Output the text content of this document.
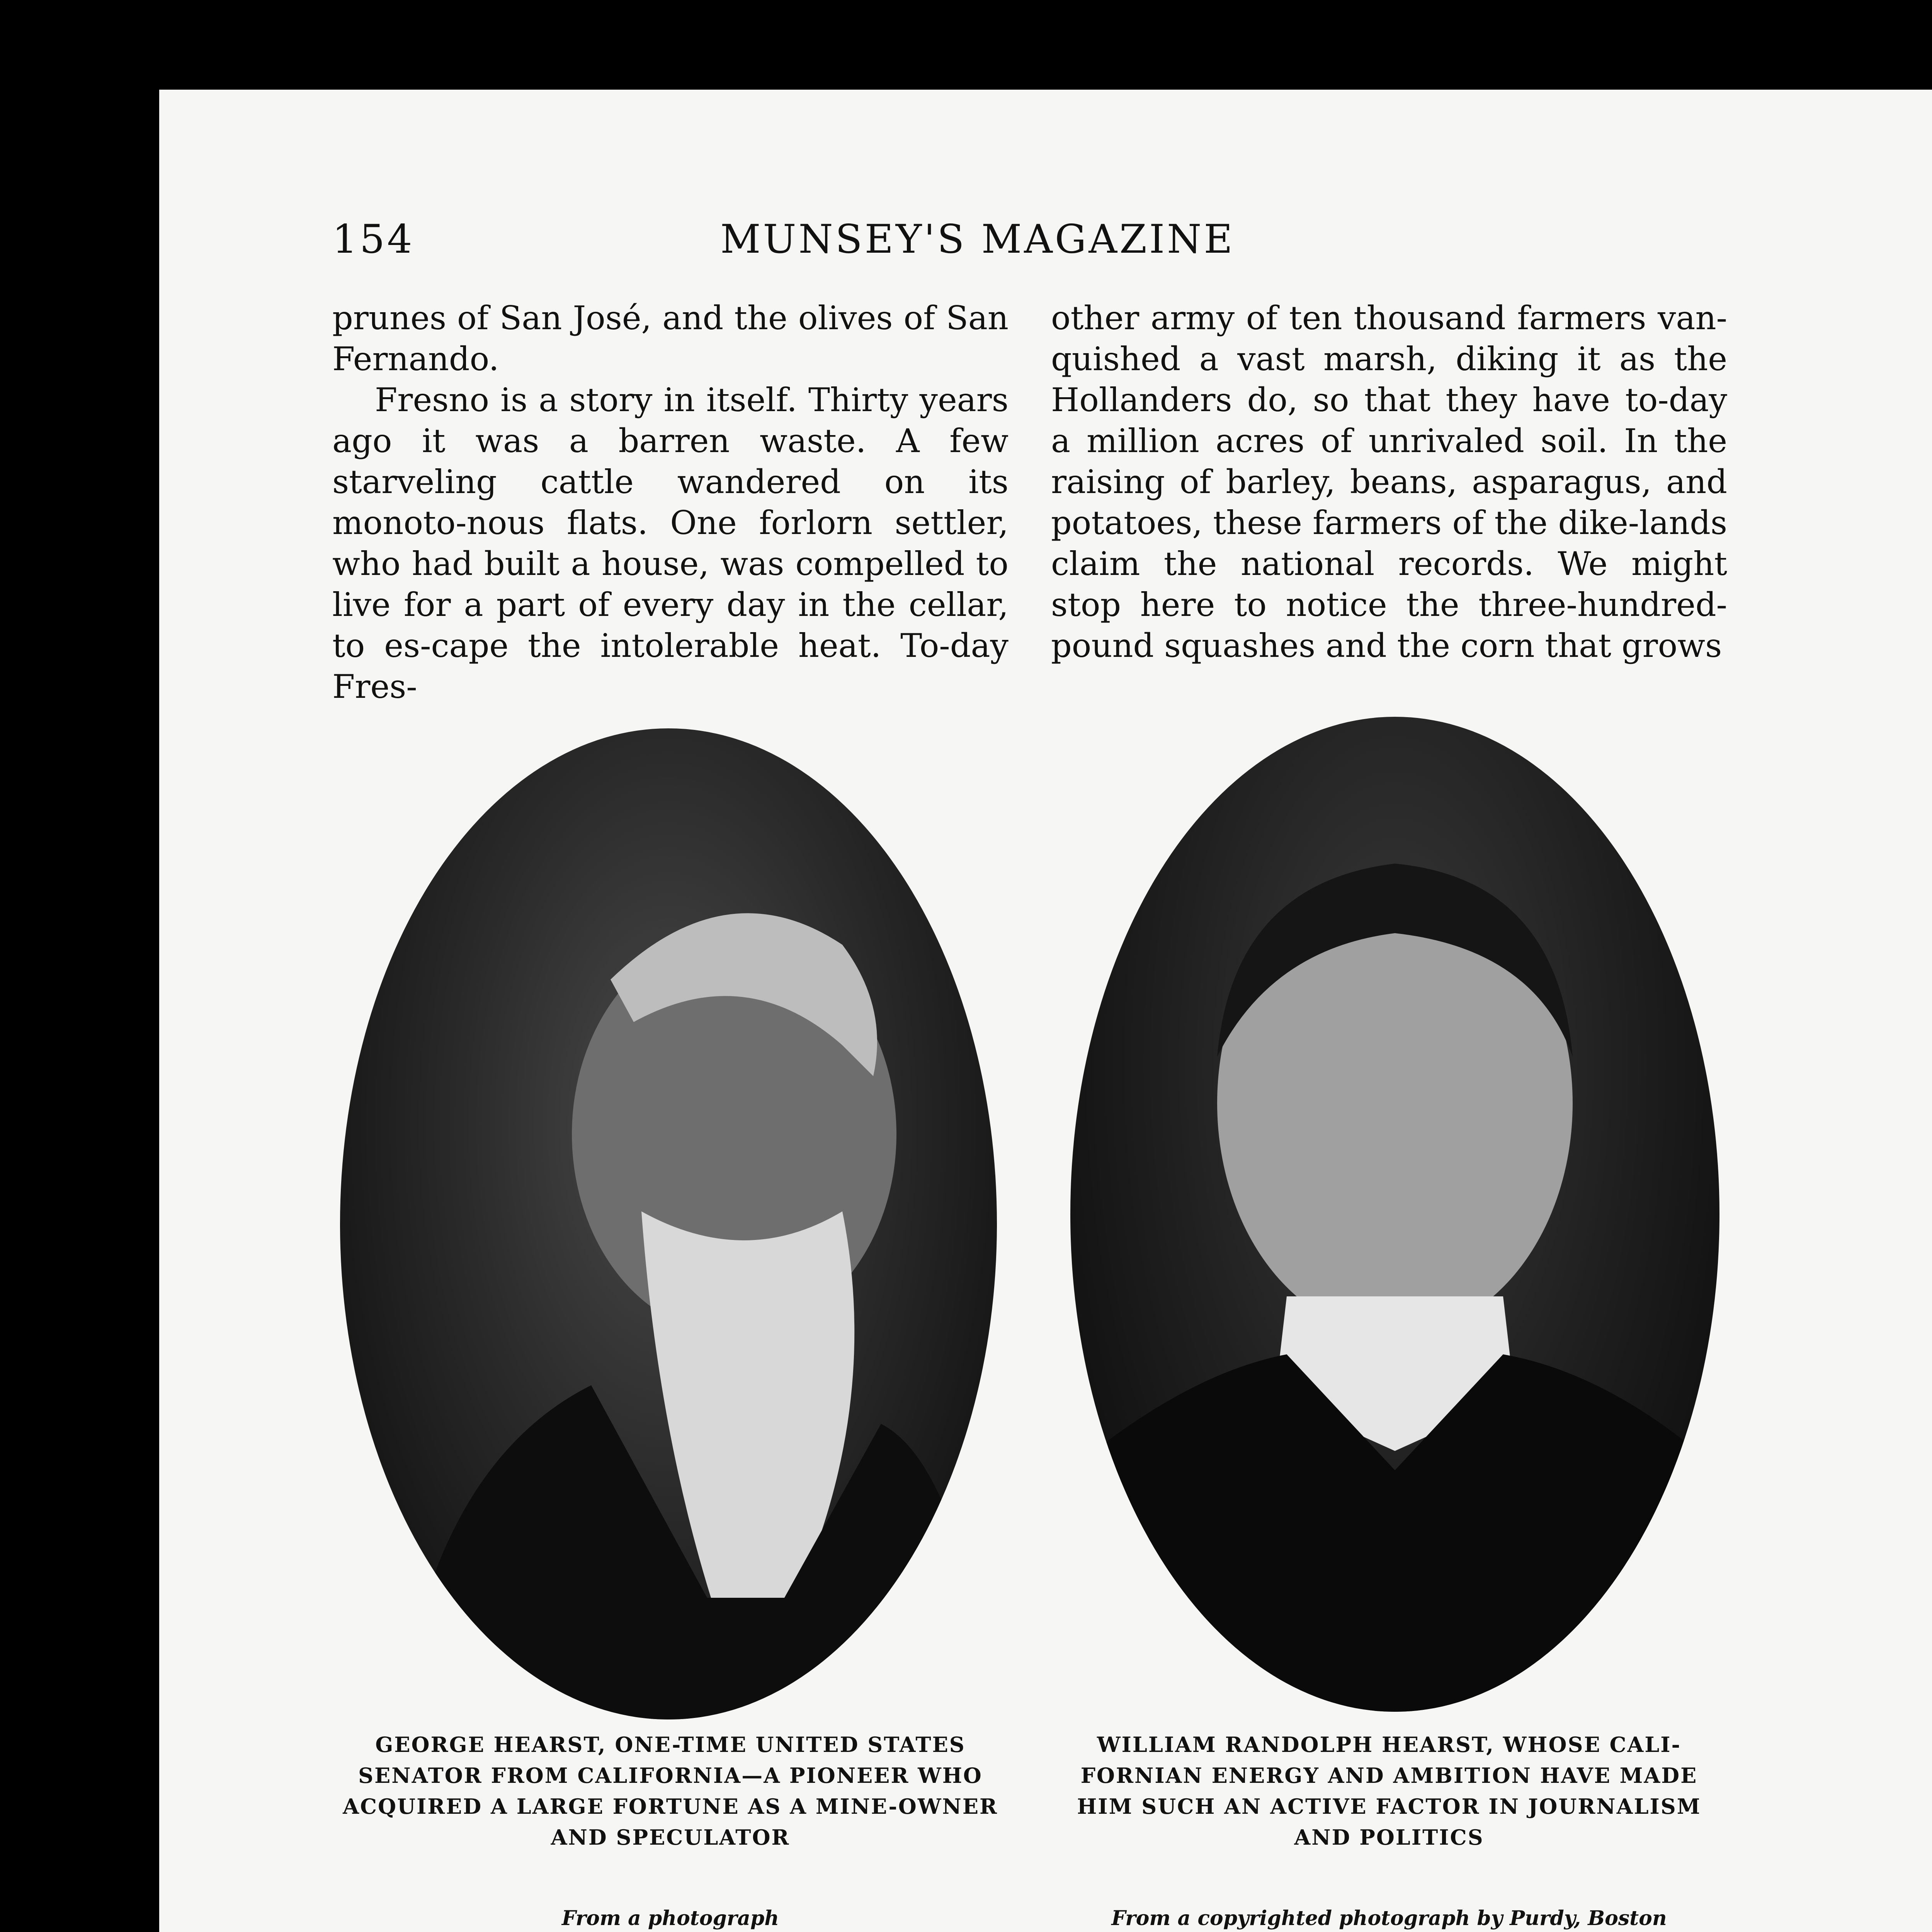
154	MUNSEY'S MAGAZINE

prunes of San José, and the olives of San Fernando.

Fresno is a story in itself. Thirty years ago it was a barren waste. A few starveling cattle wandered on its monoto-nous flats. One forlorn settler, who had built a house, was compelled to live for a part of every day in the cellar, to es-cape the intolerable heat. To-day Fres-

other army of ten thousand farmers van-quished a vast marsh, diking it as the Hollanders do, so that they have to-day a million acres of unrivaled soil. In the raising of barley, beans, asparagus, and potatoes, these farmers of the dike-lands claim the national records. We might stop here to notice the three-hundred-pound squashes and the corn that grows

GEORGE HEARST, ONE-TIME UNITED STATES SENATOR FROM CALIFORNIA—A PIONEER WHO ACQUIRED A LARGE FORTUNE AS A MINE-OWNER AND SPECULATOR
From a photograph
WILLIAM RANDOLPH HEARST, WHOSE CALI-FORNIAN ENERGY AND AMBITION HAVE MADE HIM SUCH AN ACTIVE FACTOR IN JOURNALISM AND POLITICS
From a copyrighted photograph by Purdy, Boston
